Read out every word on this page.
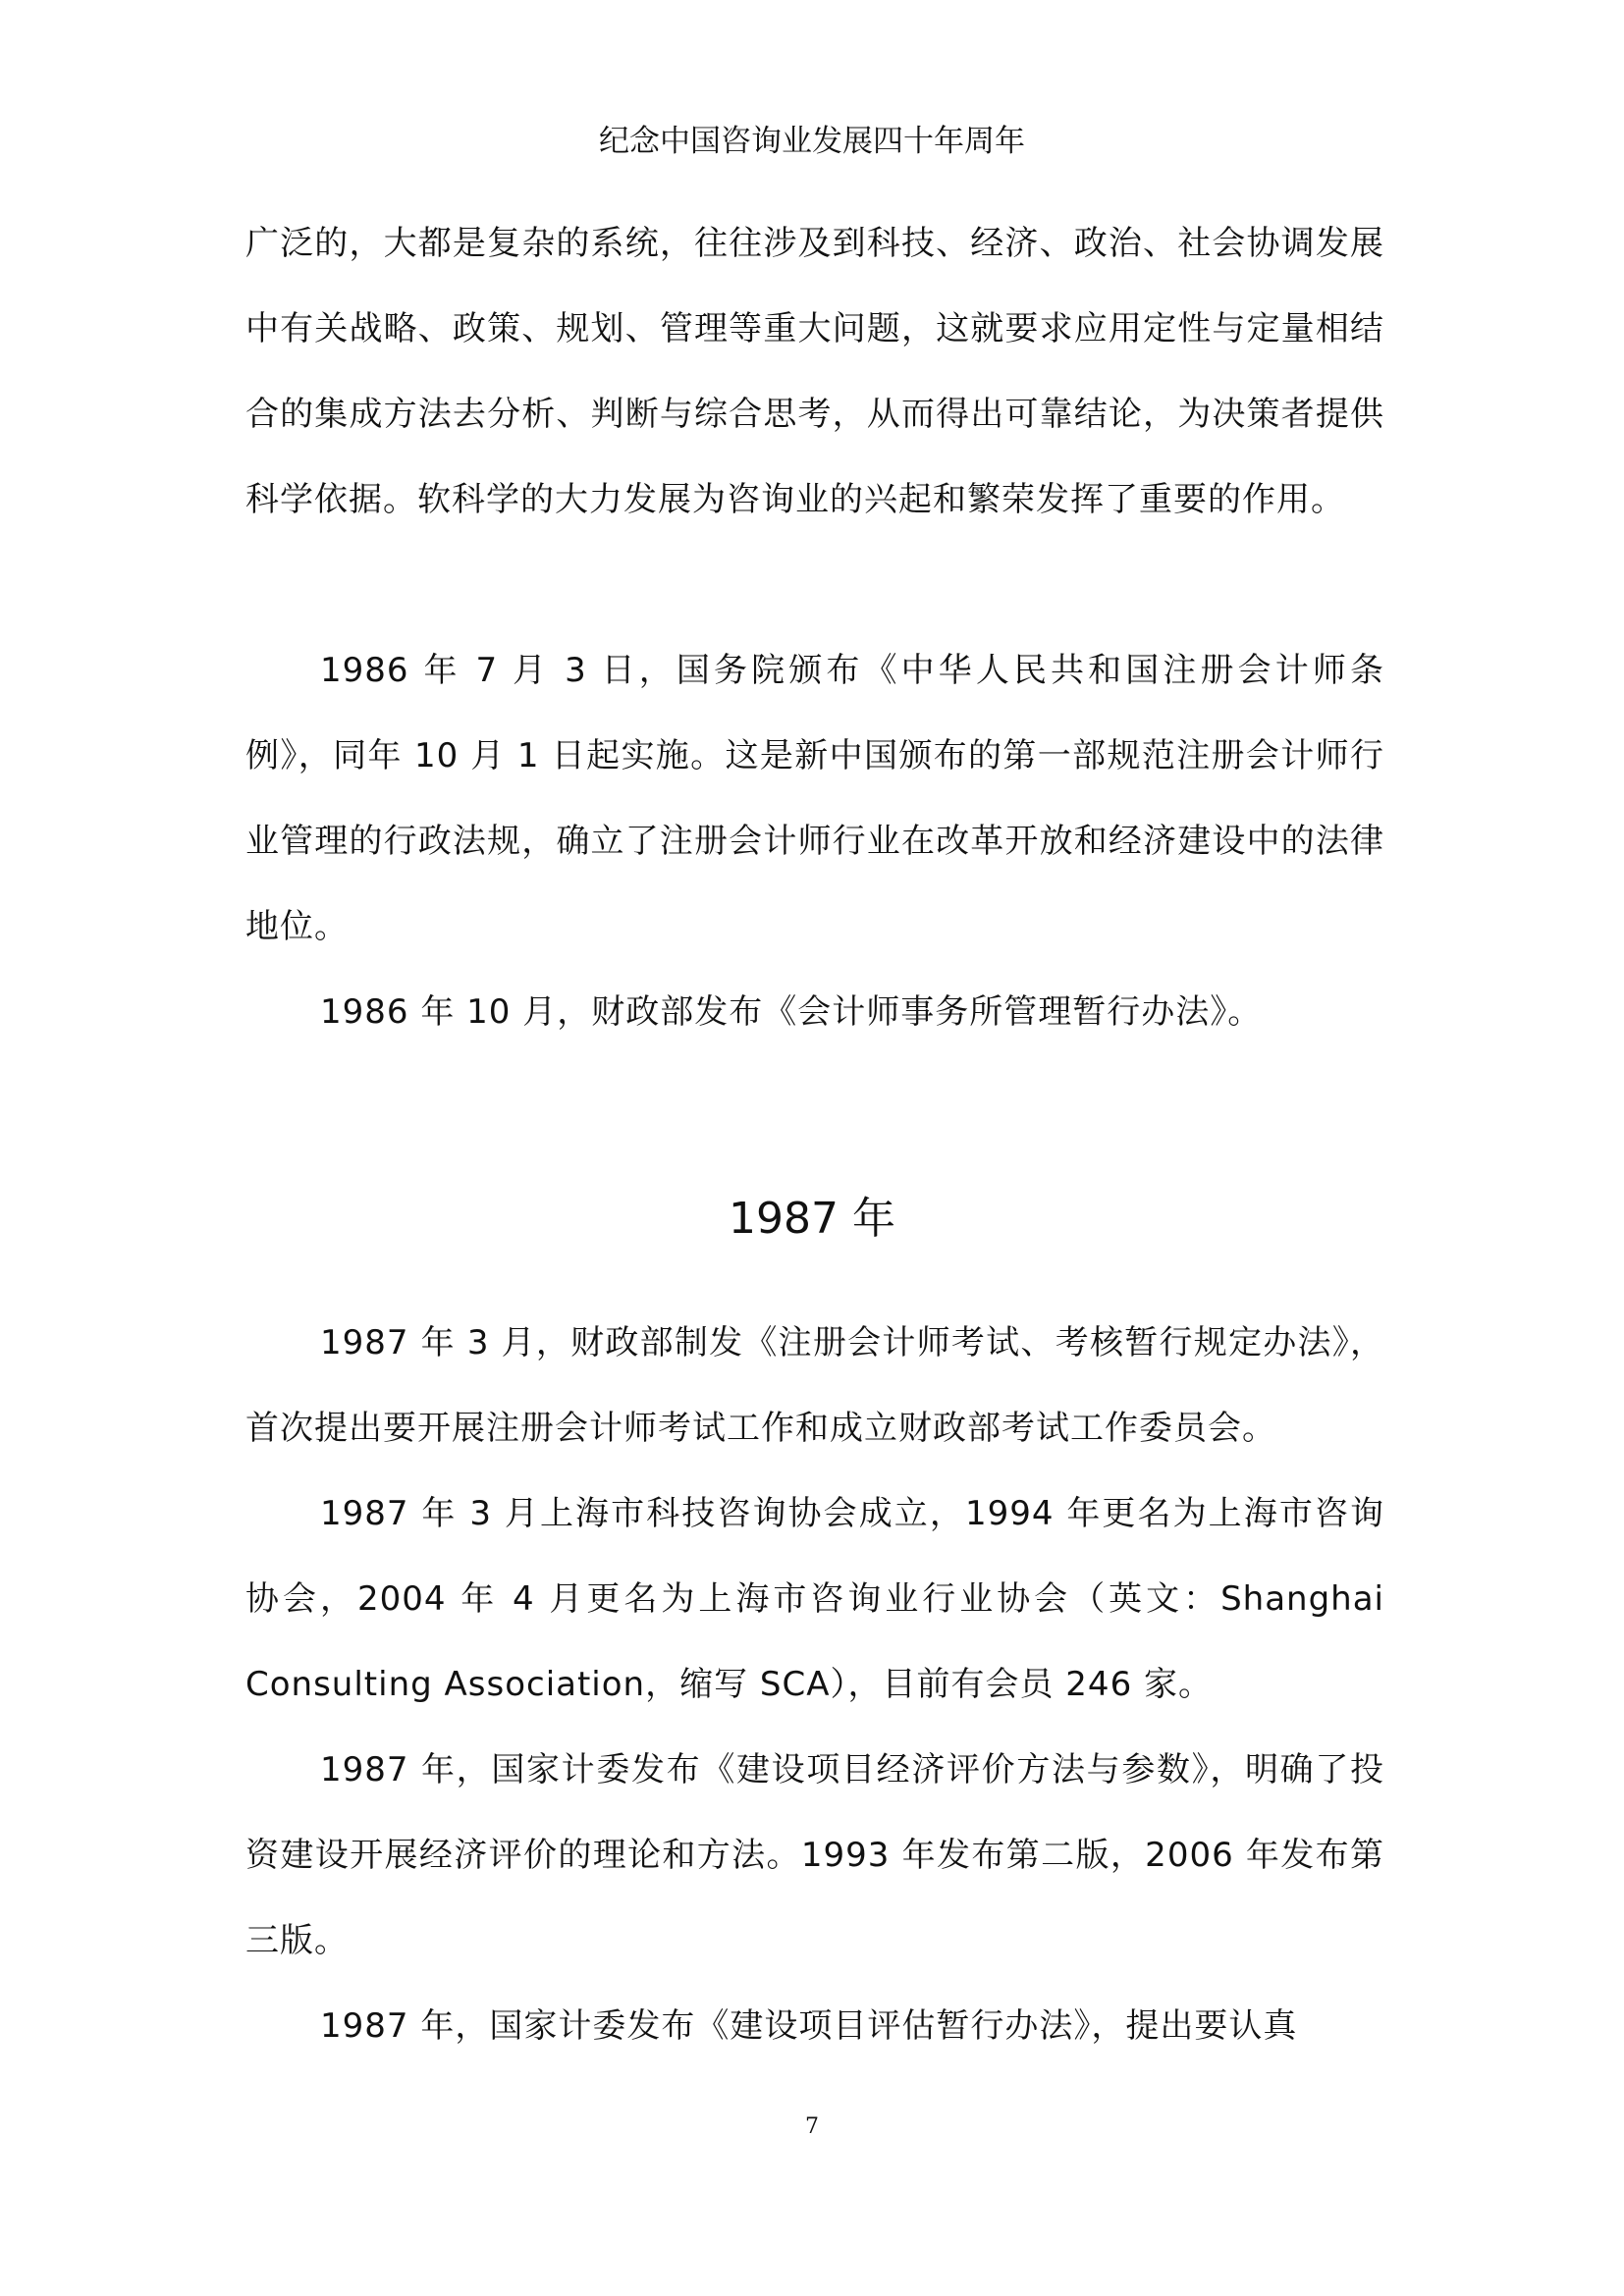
纪念中国咨询业发展四十年周年

广泛的，大都是复杂的系统，往往涉及到科技、经济、政治、社会协调发展中有关战略、政策、规划、管理等重大问题，这就要求应用定性与定量相结合的集成方法去分析、判断与综合思考，从而得出可靠结论，为决策者提供科学依据。软科学的大力发展为咨询业的兴起和繁荣发挥了重要的作用。

1986 年 7 月 3 日，国务院颁布《中华人民共和国注册会计师条例》，同年 10 月 1 日起实施。这是新中国颁布的第一部规范注册会计师行业管理的行政法规，确立了注册会计师行业在改革开放和经济建设中的法律地位。

1986 年 10 月，财政部发布《会计师事务所管理暂行办法》。

1987 年

1987 年 3 月，财政部制发《注册会计师考试、考核暂行规定办法》，首次提出要开展注册会计师考试工作和成立财政部考试工作委员会。

1987 年 3 月上海市科技咨询协会成立，1994 年更名为上海市咨询协会，2004 年 4 月更名为上海市咨询业行业协会（英文：Shanghai Consulting Association，缩写 SCA），目前有会员 246 家。

1987 年，国家计委发布《建设项目经济评价方法与参数》，明确了投资建设开展经济评价的理论和方法。1993 年发布第二版，2006 年发布第三版。

1987 年，国家计委发布《建设项目评估暂行办法》，提出要认真

7
